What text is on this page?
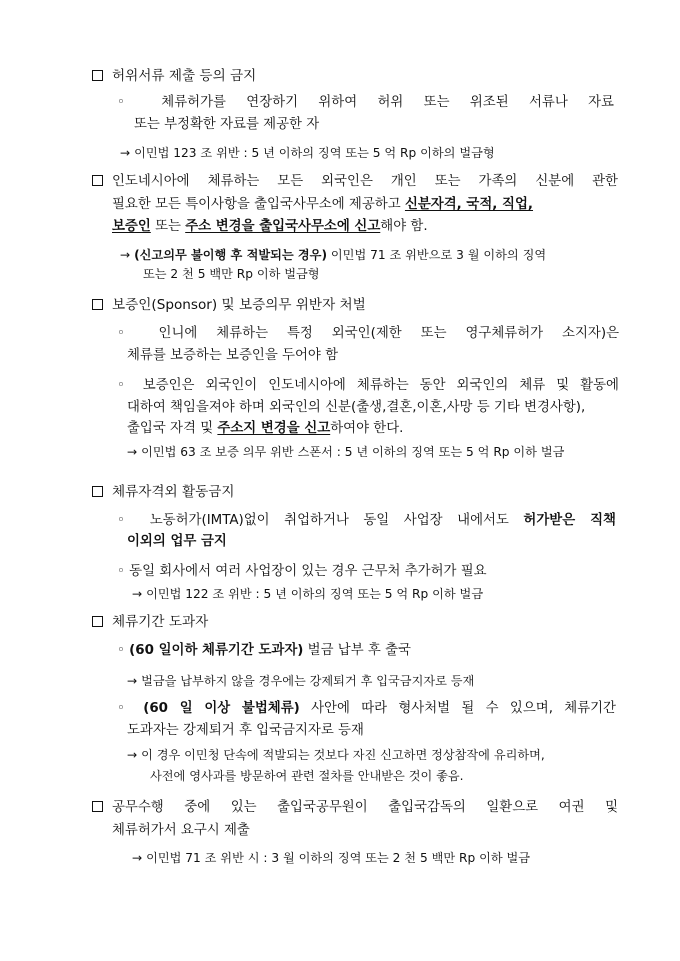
허위서류 제출 등의 금지
◦ 체류허가를 연장하기 위하여 허위 또는 위조된 서류나 자료
또는 부정확한 자료를 제공한 자
→ 이민법 123 조 위반 : 5 년 이하의 징역 또는 5 억 Rp 이하의 벌금형
인도네시아에 체류하는 모든 외국인은 개인 또는 가족의 신분에 관한
필요한 모든 특이사항을 출입국사무소에 제공하고 신분자격, 국적, 직업,
보증인 또는 주소 변경을 출입국사무소에 신고해야 함.
→ (신고의무 불이행 후 적발되는 경우) 이민법 71 조 위반으로 3 월 이하의 징역
또는 2 천 5 백만 Rp 이하 벌금형
보증인(Sponsor) 및 보증의무 위반자 처벌
◦ 인니에 체류하는 특정 외국인(제한 또는 영구체류허가 소지자)은
체류를 보증하는 보증인을 두어야 함
◦ 보증인은 외국인이 인도네시아에 체류하는 동안 외국인의 체류 및 활동에
대하여 책임을져야 하며 외국인의 신분(출생,결혼,이혼,사망 등 기타 변경사항),
출입국 자격 및 주소지 변경을 신고하여야 한다.
→ 이민법 63 조 보증 의무 위반 스폰서 : 5 년 이하의 징역 또는 5 억 Rp 이하 벌금
체류자격외 활동금지
◦ 노동허가(IMTA)없이 취업하거나 동일 사업장 내에서도 허가받은 직책
이외의 업무 금지
◦ 동일 회사에서 여러 사업장이 있는 경우 근무처 추가허가 필요
→ 이민법 122 조 위반 : 5 년 이하의 징역 또는 5 억 Rp 이하 벌금
체류기간 도과자
◦ (60 일이하 체류기간 도과자) 벌금 납부 후 출국
→ 벌금을 납부하지 않을 경우에는 강제퇴거 후 입국금지자로 등재
◦ (60 일 이상 불법체류) 사안에 따라 형사처벌 될 수 있으며, 체류기간
도과자는 강제퇴거 후 입국금지자로 등재
→ 이 경우 이민청 단속에 적발되는 것보다 자진 신고하면 정상참작에 유리하며,
사전에 영사과를 방문하여 관련 절차를 안내받은 것이 좋음.
공무수행 중에 있는 출입국공무원이 출입국감독의 일환으로 여권 및
체류허가서 요구시 제출
→ 이민법 71 조 위반 시 : 3 월 이하의 징역 또는 2 천 5 백만 Rp 이하 벌금
